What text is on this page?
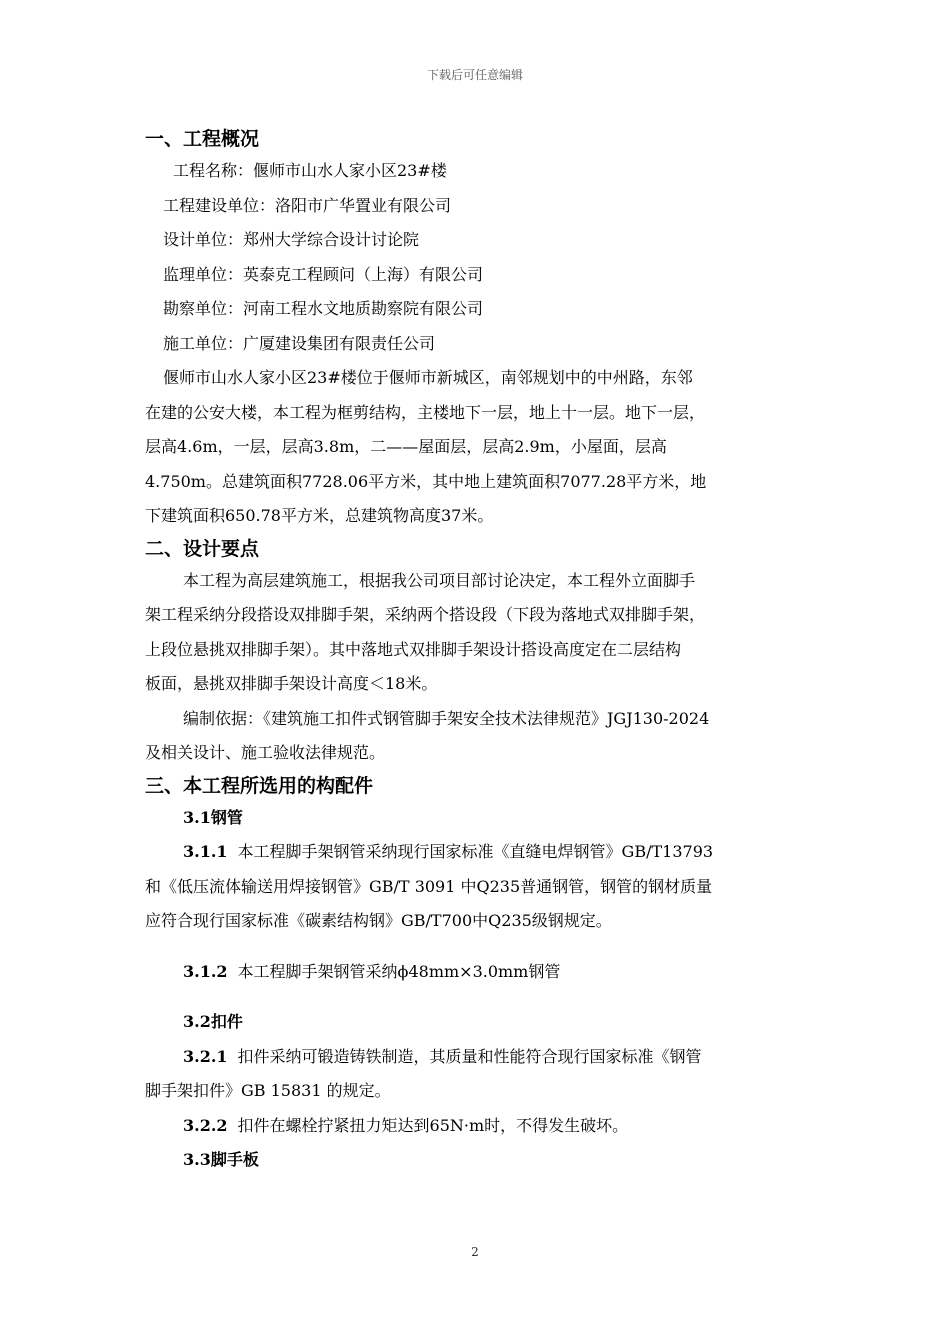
下载后可任意编辑
一、工程概况
工程名称：偃师市山水人家小区23#楼
工程建设单位：洛阳市广华置业有限公司
设计单位：郑州大学综合设计讨论院
监理单位：英泰克工程顾问（上海）有限公司
勘察单位：河南工程水文地质勘察院有限公司
施工单位：广厦建设集团有限责任公司
偃师市山水人家小区23#楼位于偃师市新城区，南邻规划中的中州路，东邻
在建的公安大楼，本工程为框剪结构，主楼地下一层，地上十一层。地下一层，
层高4.6m，一层，层高3.8m，二——屋面层，层高2.9m，小屋面，层高
4.750m。总建筑面积7728.06平方米，其中地上建筑面积7077.28平方米，地
下建筑面积650.78平方米，总建筑物高度37米。
二、设计要点
本工程为高层建筑施工，根据我公司项目部讨论决定，本工程外立面脚手
架工程采纳分段搭设双排脚手架，采纳两个搭设段（下段为落地式双排脚手架，
上段位悬挑双排脚手架）。其中落地式双排脚手架设计搭设高度定在二层结构
板面，悬挑双排脚手架设计高度＜18米。
编制依据：《建筑施工扣件式钢管脚手架安全技术法律规范》JGJ130-2024
及相关设计、施工验收法律规范。
三、本工程所选用的构配件
3.1钢管
3.1.1 本工程脚手架钢管采纳现行国家标准《直缝电焊钢管》GB/T13793
和《低压流体输送用焊接钢管》GB/T 3091 中Q235普通钢管，钢管的钢材质量
应符合现行国家标准《碳素结构钢》GB/T700中Q235级钢规定。
3.1.2 本工程脚手架钢管采纳ϕ48mm×3.0mm钢管
3.2扣件
3.2.1 扣件采纳可锻造铸铁制造，其质量和性能符合现行国家标准《钢管
脚手架扣件》GB 15831 的规定。
3.2.2 扣件在螺栓拧紧扭力矩达到65N·m时，不得发生破坏。
3.3脚手板
2
